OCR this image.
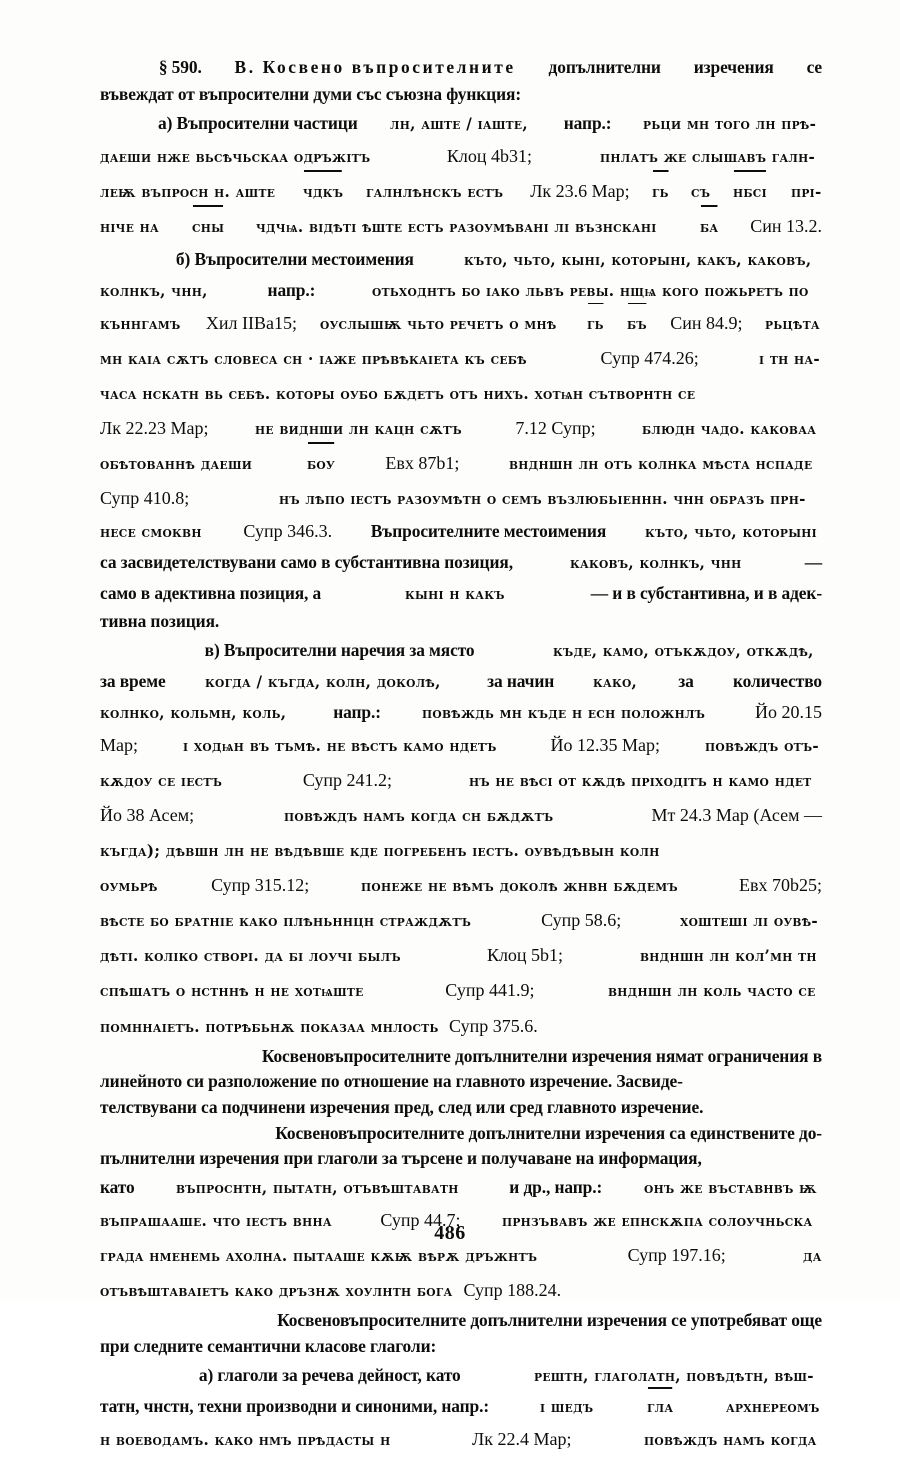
§ 590. B. Косвено въпросителните допълнителни изречения се
въвеждат от въпросителни думи със съюзна функция:
а) Въпросителни частици лн, аште / ıаште, напр.: рьци мн того лн прѣ-
даеши нже вьсѣчьскаа одръжıтъ	Клоц 4b31;	пнлатъ же слышавъ галн-
леѭ въпросн н. аште чдкъ галнлѣнскъ естъ Лк 23.6 Мар; гь съ нбсı прı-
нıче на сны чдчѩ. вıдѣтı ѣште естъ разоумѣванı лı възнсканı	ба Син 13.2.
б) Въпросителни местоимения	къто, чьто, кынı, которынı, какъ, каковъ,
колнкъ, чнн,	напр.:	отьходнтъ бо ıако львъ ревы. нщѩ кого пожьретъ по
къннгамъ Хил IIBa15; оуслышѭ чьто речетъ о мнѣ гь бъ Син 84.9; рьцѣта
мн каıа сѫтъ словеса сн · ıаже прѣвѣкаıета къ себѣ	Супр 474.26;	ı тн на-
часа нскатн вь себѣ. которы оубо бѫдетъ отъ нихъ. хотѩн сътворнтн се
Лк 22.23 Мар;	не виднши лн кацн сѫтъ	7.12 Супр;	блюдн чадо. каковаа
обѣтованнѣ даеши	боу	Евх 87b1;	вндншн лн отъ колнка мѣста нспаде
Супр 410.8;	нъ лѣпо ıестъ разоумѣтн о семъ възлюбьıеннн. чнн образъ прн-
несе смоквн Супр 346.3. Въпросителните местоимения къто, чьто, которынı
са засвидетелствувани само в субстантивна позиция,	каковъ, колнкъ, чнн	—
само в адективна позиция, а	кынı н какъ	— и в субстантивна, и в адек-
тивна позиция.
в) Въпросителни наречия за място	къде, камо, отъкѫдоу, откѫдѣ,
за време	когда / къгда, колн, доколѣ,	за начин	како, за количество
колнко, кольмн, коль,	напр.:	повѣждь мн къде н есн положнлъ	Йо 20.15
Мар;	ı ходѩн въ тъмѣ. не вѣстъ камо ндетъ	Йо 12.35 Мар;	повѣждъ отъ-
кѫдоу се ıестъ	Супр 241.2;	нъ не вѣсı от кѫдѣ прıходıтъ н камо ндет
Йо 38 Асем;	повѣждъ намъ когда сн бѫдѫтъ	Мт 24.3 Мар (Асем —
къгда); дѣвшн лн не вѣдѣвше кде погребенъ ıестъ. оувѣдѣвын колн
оумьрѣ	Супр 315.12;	понеже не вѣмъ доколѣ жнвн бѫдемъ	Евх 70b25;
вѣсте бо братнıе како плѣньннцн страждѫтъ	Супр 58.6;	хоштешı лı оувѣ-
дѣтı. колıко створı. да бı лоучı былъ	Клоц 5b1;	вндншн лн кол’мн тн
спѣшатъ о нстннѣ н не хотѩште	Супр 441.9;	вндншн лн коль часто се
помннаıетъ. потрѣбьнѫ показаа мнлость Супр 375.6.
Косвеновъпросителните допълнителни изречения нямат ограничения в
линейното си разположение по отношение на главното изречение. Засвиде-
телствувани са подчинени изречения пред, след или сред главното изречение.
Косвеновъпросителните допълнителни изречения са единствените до-
пълнителни изречения при глаголи за търсене и получаване на информация,
като	въпроснтн, пытатн, отъвѣштаватн	и др., напр.:	онъ же въставнвъ ѭ
въпрашааше. что ıестъ внна	Супр 44.7;	прнзъвавъ же епнскѫпа солоучньска
града нменемь ахолна. пытааше кѫѭ вѣрѫ дръжнтъ	Супр 197.16;	да
отъвѣштаваıетъ како дръзнѫ хоулнтн бога Супр 188.24.
Косвеновъпросителните допълнителни изречения се употребяват още
при следните семантични класове глаголи:
а) глаголи за речева дейност, като	рештн, глаголатн, повѣдѣтн, вѣш-
татн, чнстн, техни производни и синоними, напр.:	ı шедъ	гла	архнереомъ
н воеводамъ. како нмъ прѣдасты н	Лк 22.4 Мар;	повѣждъ намъ когда
486
